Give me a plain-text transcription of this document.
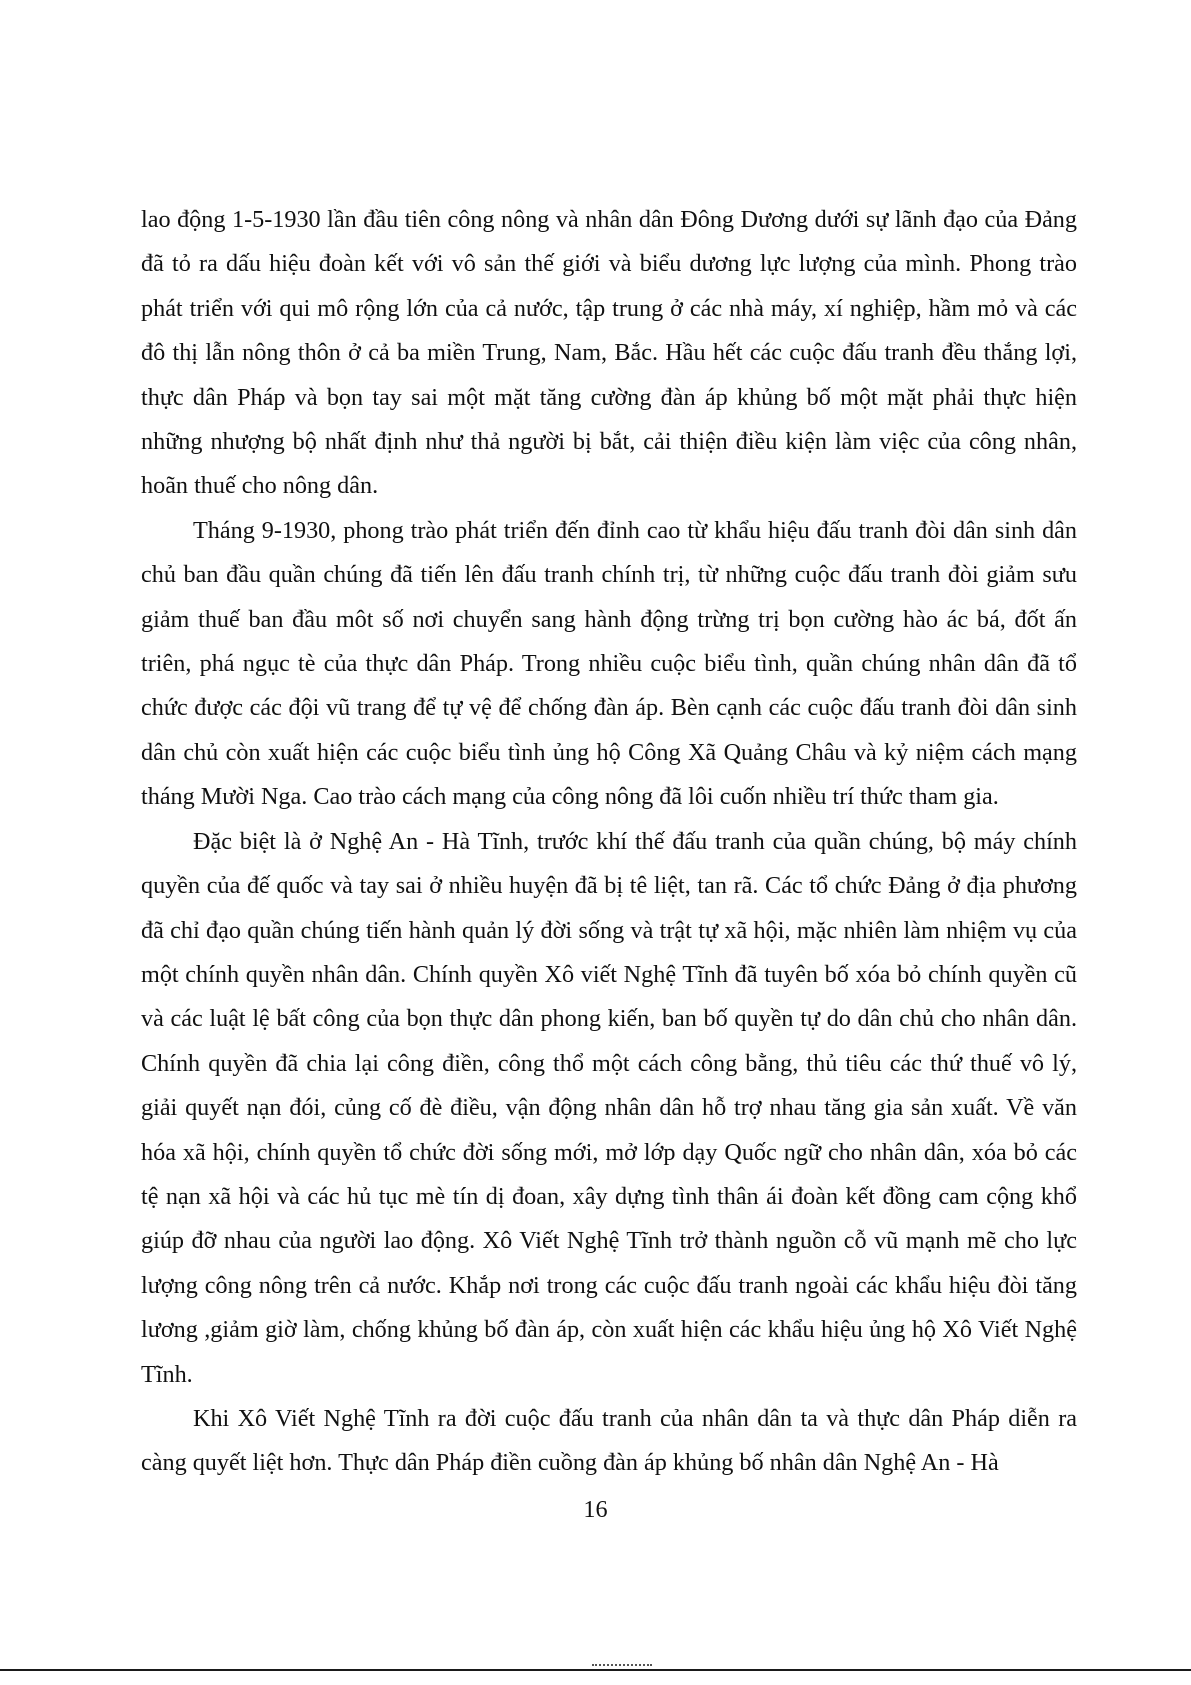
lao động 1-5-1930 lần đầu tiên công nông và nhân dân Đông Dương dưới sự lãnh đạo của Đảng đã tỏ ra dấu hiệu đoàn kết với vô sản thế giới và biểu dương lực lượng của mình. Phong trào phát triển với qui mô rộng lớn của cả nước, tập trung ở các nhà máy, xí nghiệp, hầm mỏ và các đô thị lẫn nông thôn ở cả ba miền Trung, Nam, Bắc. Hầu hết các cuộc đấu tranh đều thắng lợi, thực dân Pháp và bọn tay sai một mặt tăng cường đàn áp khủng bố một mặt phải thực hiện những nhượng bộ nhất định như thả người bị bắt, cải thiện điều kiện làm việc của công nhân, hoãn thuế cho nông dân.

Tháng 9-1930, phong trào phát triển đến đỉnh cao từ khẩu hiệu đấu tranh đòi dân sinh dân chủ ban đầu quần chúng đã tiến lên đấu tranh chính trị, từ những cuộc đấu tranh đòi giảm sưu giảm thuế ban đầu môt số nơi chuyển sang hành động trừng trị bọn cường hào ác bá, đốt ấn triên, phá ngục tè của thực dân Pháp. Trong nhiều cuộc biểu tình, quần chúng nhân dân đã tổ chức được các đội vũ trang để tự vệ để chống đàn áp. Bèn cạnh các cuộc đấu tranh đòi dân sinh dân chủ còn xuất hiện các cuộc biểu tình ủng hộ Công Xã Quảng Châu và kỷ niệm cách mạng tháng Mười Nga. Cao trào cách mạng của công nông đã lôi cuốn nhiều trí thức tham gia.

Đặc biệt là ở Nghệ An - Hà Tĩnh, trước khí thế đấu tranh của quần chúng, bộ máy chính quyền của đế quốc và tay sai ở nhiều huyện đã bị tê liệt, tan rã. Các tổ chức Đảng ở địa phương đã chỉ đạo quần chúng tiến hành quản lý đời sống và trật tự xã hội, mặc nhiên làm nhiệm vụ của một chính quyền nhân dân. Chính quyền Xô viết Nghệ Tĩnh đã tuyên bố xóa bỏ chính quyền cũ và các luật lệ bất công của bọn thực dân phong kiến, ban bố quyền tự do dân chủ cho nhân dân. Chính quyền đã chia lại công điền, công thổ một cách công bằng, thủ tiêu các thứ thuế vô lý, giải quyết nạn đói, củng cố đè điều, vận động nhân dân hỗ trợ nhau tăng gia sản xuất. Về văn hóa xã hội, chính quyền tổ chức đời sống mới, mở lớp dạy Quốc ngữ cho nhân dân, xóa bỏ các tệ nạn xã hội và các hủ tục mè tín dị đoan, xây dựng tình thân ái đoàn kết đồng cam cộng khổ giúp đỡ nhau của người lao động. Xô Viết Nghệ Tĩnh trở thành nguồn cỗ vũ mạnh mẽ cho lực lượng công nông trên cả nước. Khắp nơi trong các cuộc đấu tranh ngoài các khẩu hiệu đòi tăng lương ,giảm giờ làm, chống khủng bố đàn áp, còn xuất hiện các khẩu hiệu ủng hộ Xô Viết Nghệ Tĩnh.

Khi Xô Viết Nghệ Tĩnh ra đời cuộc đấu tranh của nhân dân ta và thực dân Pháp diễn ra càng quyết liệt hơn. Thực dân Pháp điền cuồng đàn áp khủng bố nhân dân Nghệ An - Hà

16
